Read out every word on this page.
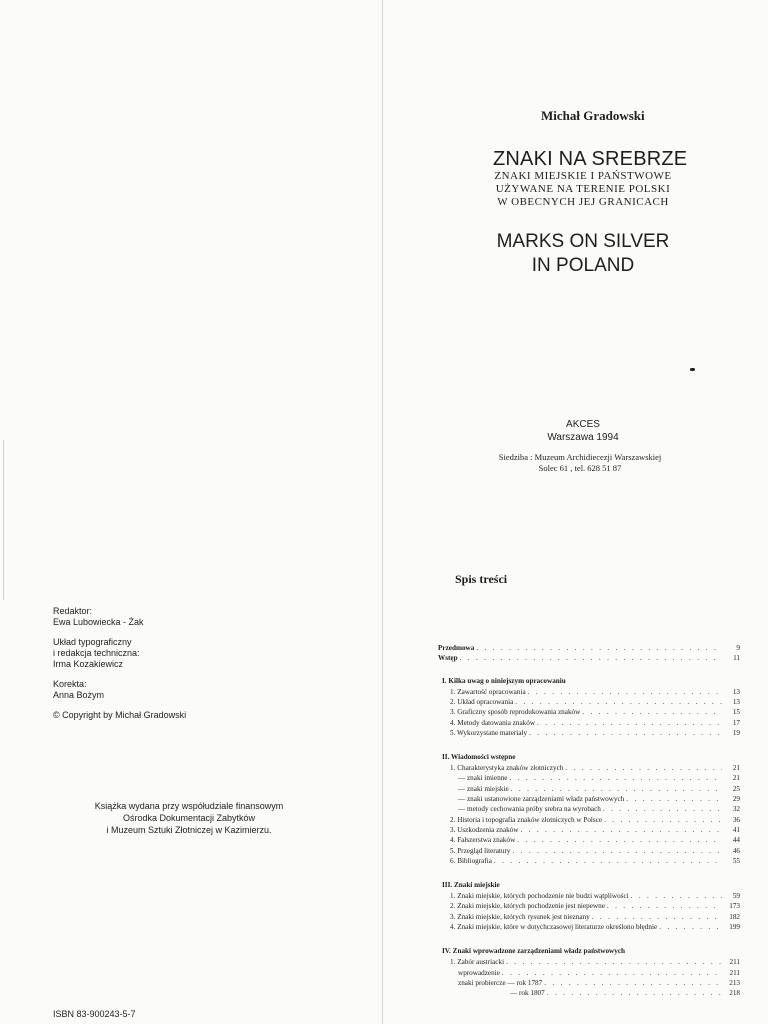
Redaktor:
Ewa Lubowiecka - Żak

Układ typograficzny
i redakcja techniczna:
Irma Kozakiewicz

Korekta:
Anna Bożym

© Copyright by Michał Gradowski

Książka wydana przy współudziale finansowym
Ośrodka Dokumentacji Zabytków
i Muzeum Sztuki Złotniczej w Kazimierzu.
ISBN 83-900243-5-7
Michał Gradowski
ZNAKI NA SREBRZE
ZNAKI MIEJSKIE I PAŃSTWOWE
UŻYWANE NA TERENIE POLSKI
W OBECNYCH JEJ GRANICACH
MARKS ON SILVER
IN POLAND
AKCES
Warszawa 1994
Siedziba : Muzeum Archidiecezji Warszawskiej
Solec 61 , tel. 628 51 87
Spis treści
Przedmowa . . .	9
Wstęp . . .	11
I. Kilka uwag o niniejszym opracowaniu
1. Zawartość opracowania . . .	13
2. Układ opracowania . . .	13
3. Graficzny sposób reprodukowania znaków . . .	15
4. Metody datowania znaków . . .	17
5. Wykorzystane materiały . . .	19
II. Wiadomości wstępne
1. Charakterystyka znaków złotniczych . . .	21
— znaki imienne . . .	21
— znaki miejskie . . .	25
— znaki ustanowione zarządzeniami władz państwowych . . .	29
— metody cechowania próby srebra na wyrobach . . .	32
2. Historia i topografia znaków złotniczych w Polsce . . .	36
3. Uszkodzenia znaków . . .	41
4. Fałszerstwa znaków . . .	44
5. Przegląd literatury . . .	46
6. Bibliografia . . .	55
III. Znaki miejskie
1. Znaki miejskie, których pochodzenie nie budzi wątpliwości . . .	59
2. Znaki miejskie, których pochodzenie jest niepewne . . .	173
3. Znaki miejskie, których rysunek jest nieznany . . .	182
4. Znaki miejskie, które w dotychczasowej literaturze określono błędnie . . .	199
IV. Znaki wprowadzone zarządzeniami władz państwowych
1. Zabór austriacki . . .	211
wprowadzenie . . .	211
znaki probiercze — rok 1787 . . .	213
— rok 1807 . . .	218
